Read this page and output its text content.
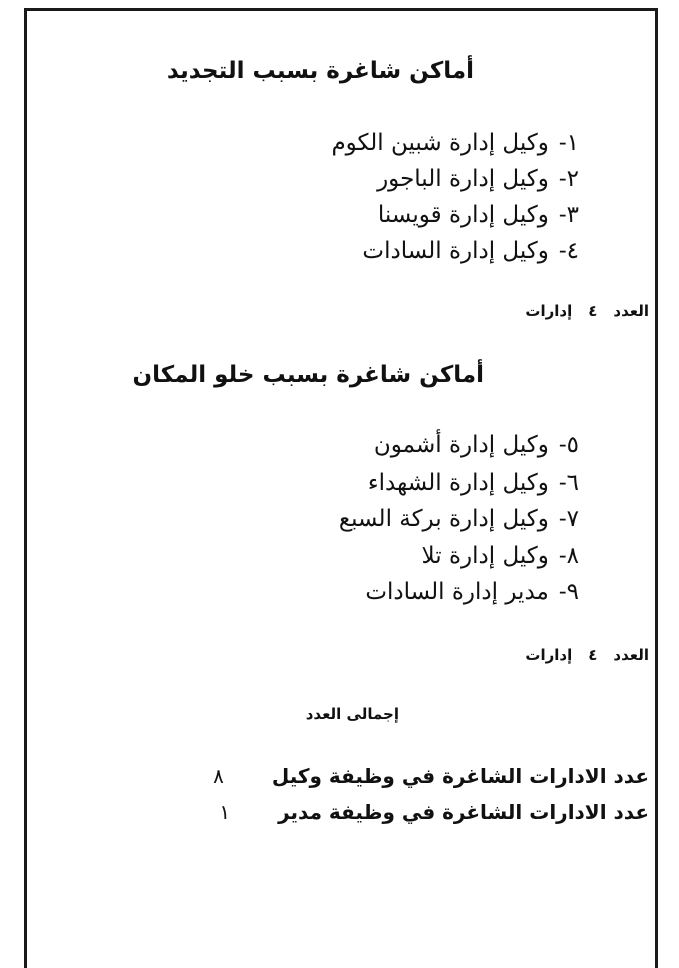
أماكن شاغرة بسبب التجديد
١-وكيل إدارة شبين الكوم
٢-وكيل إدارة الباجور
٣-وكيل إدارة قويسنا
٤-وكيل إدارة السادات
العدد٤إدارات
أماكن شاغرة بسبب خلو المكان
٥-وكيل إدارة أشمون
٦-وكيل إدارة الشهداء
٧-وكيل إدارة بركة السبع
٨-وكيل إدارة تلا
٩-مدير إدارة السادات
العدد٤إدارات
إجمالى العدد
عدد الادارات الشاغرة في وظيفة وكيل٨
عدد الادارات الشاغرة في وظيفة مدير١
